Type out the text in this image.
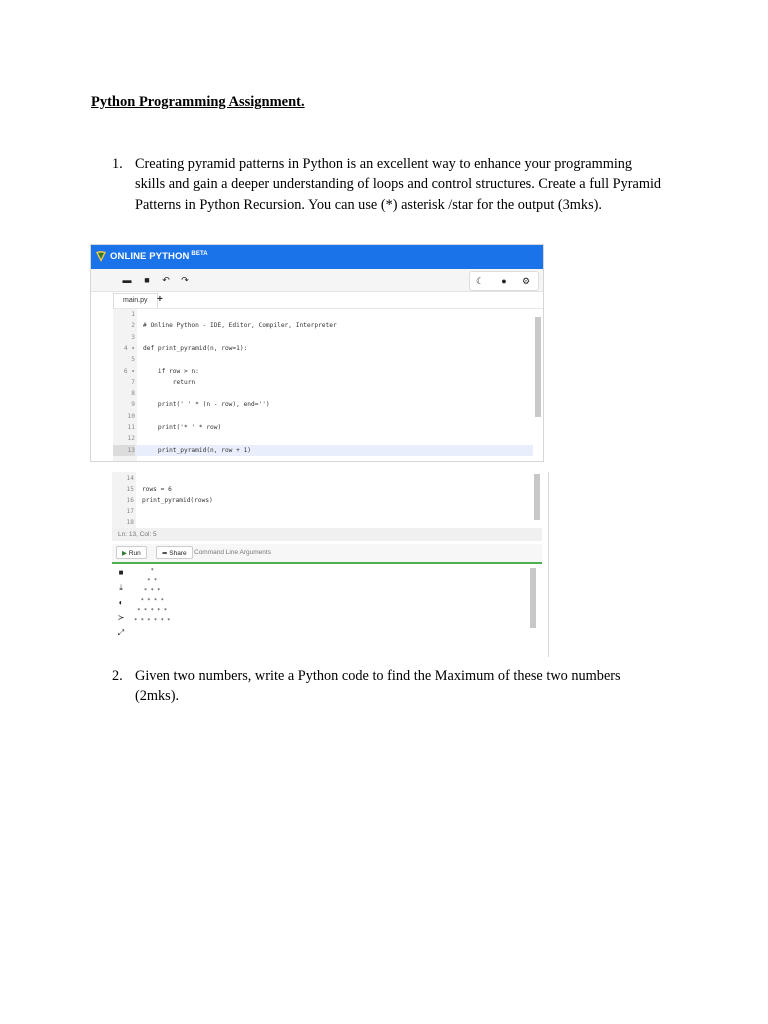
Python Programming Assignment.
1. Creating pyramid patterns in Python is an excellent way to enhance your programming skills and gain a deeper understanding of loops and control structures. Create a full Pyramid Patterns in Python Recursion. You can use (*) asterisk /star for the output (3mks).
ONLINE PYTHON $^{BETA}$
▬	■	↶ ↷	☾	●	⚙
main.py +
1
2 # Online Python - IDE, Editor, Compiler, Interpreter
3
4 ▾ def print_pyramid(n, row=1):
5
6 ▾ if row > n:
7 return
8
9 print(' ' * (n - row), end='')
10
11 print('* ' * row)
12
13 print_pyramid(n, row + 1)
14
15 rows = 6
16 print_pyramid(rows)
17
18
Ln: 13, Col: 5
▶ Run	➦ Share	Command Line Arguments
■
⤓
◐
≻
⤢
*
* *
* * *
* * * *
* * * * *
* * * * * *
2. Given two numbers, write a Python code to find the Maximum of these two numbers (2mks).
